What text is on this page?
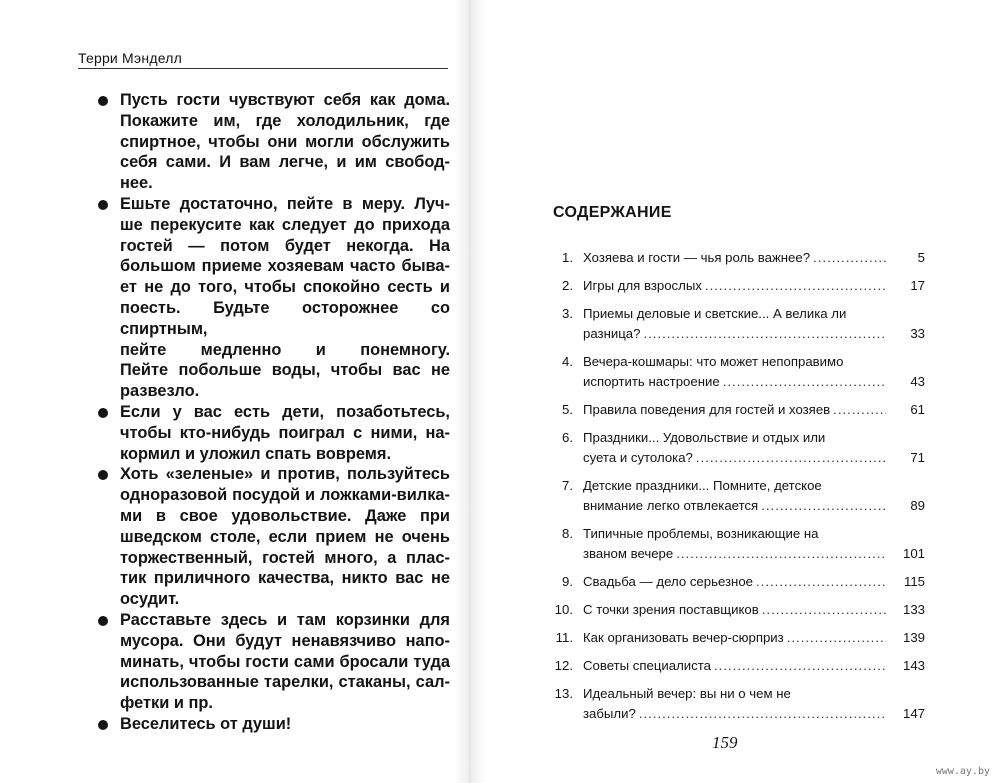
Терри Мэнделл
Пусть гости чувствуют себя как дома.
Покажите им, где холодильник, где
спиртное, чтобы они могли обслужить
себя сами. И вам легче, и им свобод-
нее.
Ешьте достаточно, пейте в меру. Луч-
ше перекусите как следует до прихода
гостей — потом будет некогда. На
большом приеме хозяевам часто быва-
ет не до того, чтобы спокойно сесть и
поесть. Будьте осторожнее со спиртным,
пейте медленно и понемногу.
Пейте побольше воды, чтобы вас не
развезло.
Если у вас есть дети, позаботьтесь,
чтобы кто-нибудь поиграл с ними, на-
кормил и уложил спать вовремя.
Хоть «зеленые» и против, пользуйтесь
одноразовой посудой и ложками-вилка-
ми в свое удовольствие. Даже при
шведском столе, если прием не очень
торжественный, гостей много, а плас-
тик приличного качества, никто вас не
осудит.
Расставьте здесь и там корзинки для
мусора. Они будут ненавязчиво напо-
минать, чтобы гости сами бросали туда
использованные тарелки, стаканы, сал-
фетки и пр.
Веселитесь от души!
СОДЕРЖАНИЕ
1. Хозяева и гости — чья роль важнее? .....	5
2. Игры для взрослых .....	17
3. Приемы деловые и светские... А велика ли
разница? .....	33
4. Вечера-кошмары: что может непоправимо
испортить настроение .....	43
5. Правила поведения для гостей и хозяев .....	61
6. Праздники... Удовольствие и отдых или
суета и сутолока? .....	71
7. Детские праздники... Помните, детское
внимание легко отвлекается .....	89
8. Типичные проблемы, возникающие на
званом вечере .....	101
9. Свадьба — дело серьезное .....	115
10. С точки зрения поставщиков .....	133
11. Как организовать вечер-сюрприз .....	139
12. Советы специалиста .....	143
13. Идеальный вечер: вы ни о чем не
забыли? .....	147
159
www.ay.by
